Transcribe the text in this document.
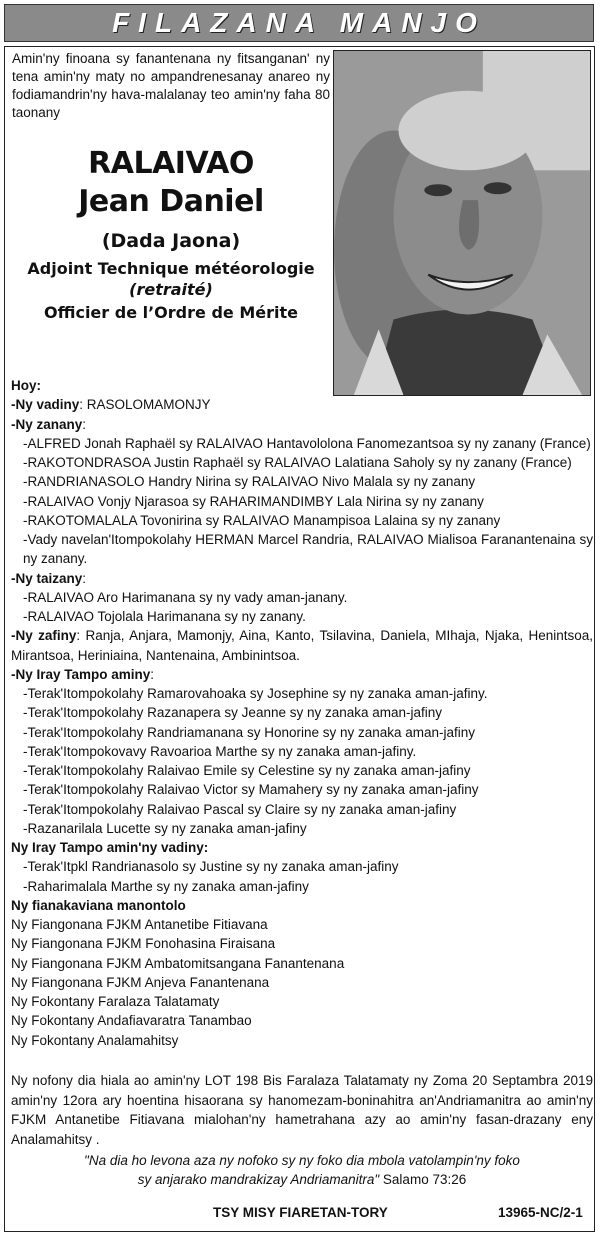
FILAZANA MANJO
Amin'ny finoana sy fanantenana ny fitsanganan' ny tena amin'ny maty no ampandrenesanay anareo ny fodiamandrin'ny hava-malalanay teo amin'ny faha 80 taonany
RALAIVAO
Jean Daniel
(Dada Jaona)
Adjoint Technique météorologie
(retraité)
Officier de l’Ordre de Mérite
Hoy:
-Ny vadiny: RASOLOMAMONJY
-Ny zanany:
-ALFRED Jonah Raphaël sy RALAIVAO Hantavololona Fanomezantsoa sy ny zanany (France)
-RAKOTONDRASOA Justin Raphaël sy RALAIVAO Lalatiana Saholy sy ny zanany (France)
-RANDRIANASOLO Handry Nirina sy RALAIVAO Nivo Malala sy ny zanany
-RALAIVAO Vonjy Njarasoa sy RAHARIMANDIMBY Lala Nirina sy ny zanany
-RAKOTOMALALA Tovonirina sy RALAIVAO Manampisoa Lalaina sy ny zanany
-Vady navelan'Itompokolahy HERMAN Marcel Randria, RALAIVAO Mialisoa Faranantenaina sy ny zanany.
-Ny taizany:
-RALAIVAO Aro Harimanana sy ny vady aman-janany.
-RALAIVAO Tojolala Harimanana sy ny zanany.
-Ny zafiny: Ranja, Anjara, Mamonjy, Aina, Kanto, Tsilavina, Daniela, MIhaja, Njaka, Henintsoa, Mirantsoa, Heriniaina, Nantenaina, Ambinintsoa.
-Ny Iray Tampo aminy:
-Terak'Itompokolahy Ramarovahoaka sy Josephine sy ny zanaka aman-jafiny.
-Terak'Itompokolahy Razanapera sy Jeanne sy ny zanaka aman-jafiny
-Terak'Itompokolahy Randriamanana sy Honorine sy ny zanaka aman-jafiny
-Terak'Itompokovavy Ravoarioa Marthe sy ny zanaka aman-jafiny.
-Terak'Itompokolahy Ralaivao Emile sy Celestine sy ny zanaka aman-jafiny
-Terak'Itompokolahy Ralaivao Victor sy Mamahery sy ny zanaka aman-jafiny
-Terak'Itompokolahy Ralaivao Pascal sy Claire sy ny zanaka aman-jafiny
-Razanarilala Lucette sy ny zanaka aman-jafiny
Ny Iray Tampo amin'ny vadiny:
-Terak'Itpkl Randrianasolo sy Justine sy ny zanaka aman-jafiny
-Raharimalala Marthe sy ny zanaka aman-jafiny
Ny fianakaviana manontolo
Ny Fiangonana FJKM Antanetibe Fitiavana
Ny Fiangonana FJKM Fonohasina Firaisana
Ny Fiangonana FJKM Ambatomitsangana Fanantenana
Ny Fiangonana FJKM Anjeva Fanantenana
Ny Fokontany Faralaza Talatamaty
Ny Fokontany Andafiavaratra Tanambao
Ny Fokontany Analamahitsy
Ny nofony dia hiala ao amin'ny LOT 198 Bis Faralaza Talatamaty ny Zoma 20 Septambra 2019 amin'ny 12ora ary hoentina hisaorana sy hanomezam-boninahitra an'Andriamanitra ao amin'ny FJKM Antanetibe Fitiavana mialohan'ny hametrahana azy ao amin'ny fasan-drazany eny Analamahitsy .
"Na dia ho levona aza ny nofoko sy ny foko dia mbola vatolampin'ny foko
sy anjarako mandrakizay Andriamanitra" Salamo 73:26
TSY MISY FIARETAN-TORY	13965-NC/2-1
